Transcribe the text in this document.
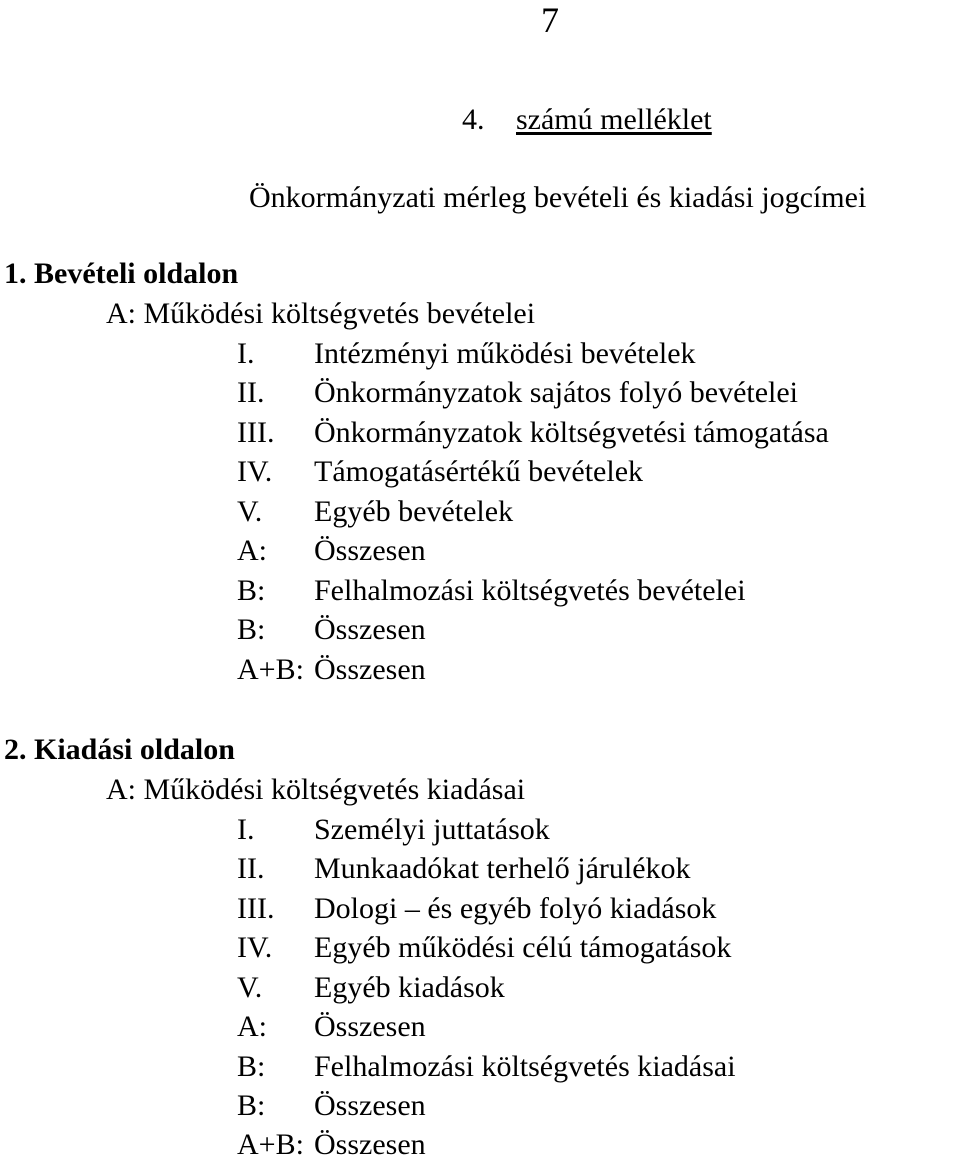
7
4. számú melléklet
Önkormányzati mérleg bevételi és kiadási jogcímei
1. Bevételi oldalon
A: Működési költségvetés bevételei
I. Intézményi működési bevételek
II. Önkormányzatok sajátos folyó bevételei
III. Önkormányzatok költségvetési támogatása
IV. Támogatásértékű bevételek
V. Egyéb bevételek
A: Összesen
B: Felhalmozási költségvetés bevételei
B: Összesen
A+B: Összesen
2. Kiadási oldalon
A: Működési költségvetés kiadásai
I. Személyi juttatások
II. Munkaadókat terhelő járulékok
III. Dologi – és egyéb folyó kiadások
IV. Egyéb működési célú támogatások
V. Egyéb kiadások
A: Összesen
B: Felhalmozási költségvetés kiadásai
B: Összesen
A+B: Összesen
